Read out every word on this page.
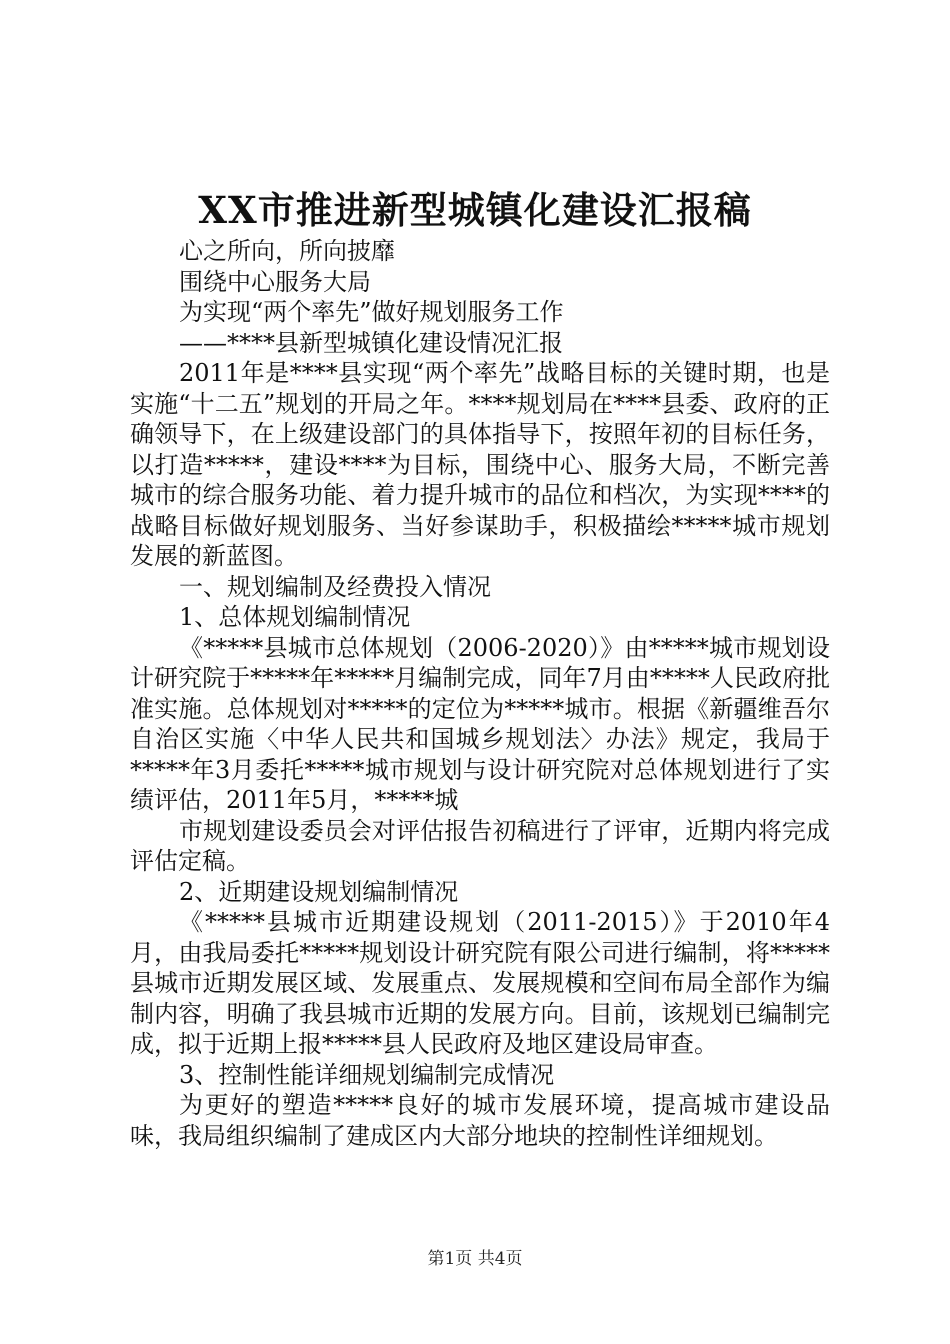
XX市推进新型城镇化建设汇报稿

心之所向，所向披靡

围绕中心服务大局

为实现“两个率先”做好规划服务工作

——****县新型城镇化建设情况汇报

2011年是****县实现“两个率先”战略目标的关键时期，也是实施“十二五”规划的开局之年。****规划局在****县委、政府的正确领导下，在上级建设部门的具体指导下，按照年初的目标任务，以打造*****，建设****为目标，围绕中心、服务大局，不断完善城市的综合服务功能、着力提升城市的品位和档次，为实现****的战略目标做好规划服务、当好参谋助手，积极描绘*****城市规划发展的新蓝图。

一、规划编制及经费投入情况

1、总体规划编制情况

《*****县城市总体规划（2006-2020）》由*****城市规划设计研究院于*****年*****月编制完成，同年7月由*****人民政府批准实施。总体规划对*****的定位为*****城市。根据《新疆维吾尔自治区实施〈中华人民共和国城乡规划法〉办法》规定，我局于*****年3月委托*****城市规划与设计研究院对总体规划进行了实绩评估，2011年5月，*****城

市规划建设委员会对评估报告初稿进行了评审，近期内将完成评估定稿。

2、近期建设规划编制情况

《*****县城市近期建设规划（2011-2015）》于2010年4月，由我局委托*****规划设计研究院有限公司进行编制，将*****县城市近期发展区域、发展重点、发展规模和空间布局全部作为编制内容，明确了我县城市近期的发展方向。目前，该规划已编制完成，拟于近期上报*****县人民政府及地区建设局审查。

3、控制性能详细规划编制完成情况

为更好的塑造*****良好的城市发展环境，提高城市建设品味，我局组织编制了建成区内大部分地块的控制性详细规划。

第1页 共4页
